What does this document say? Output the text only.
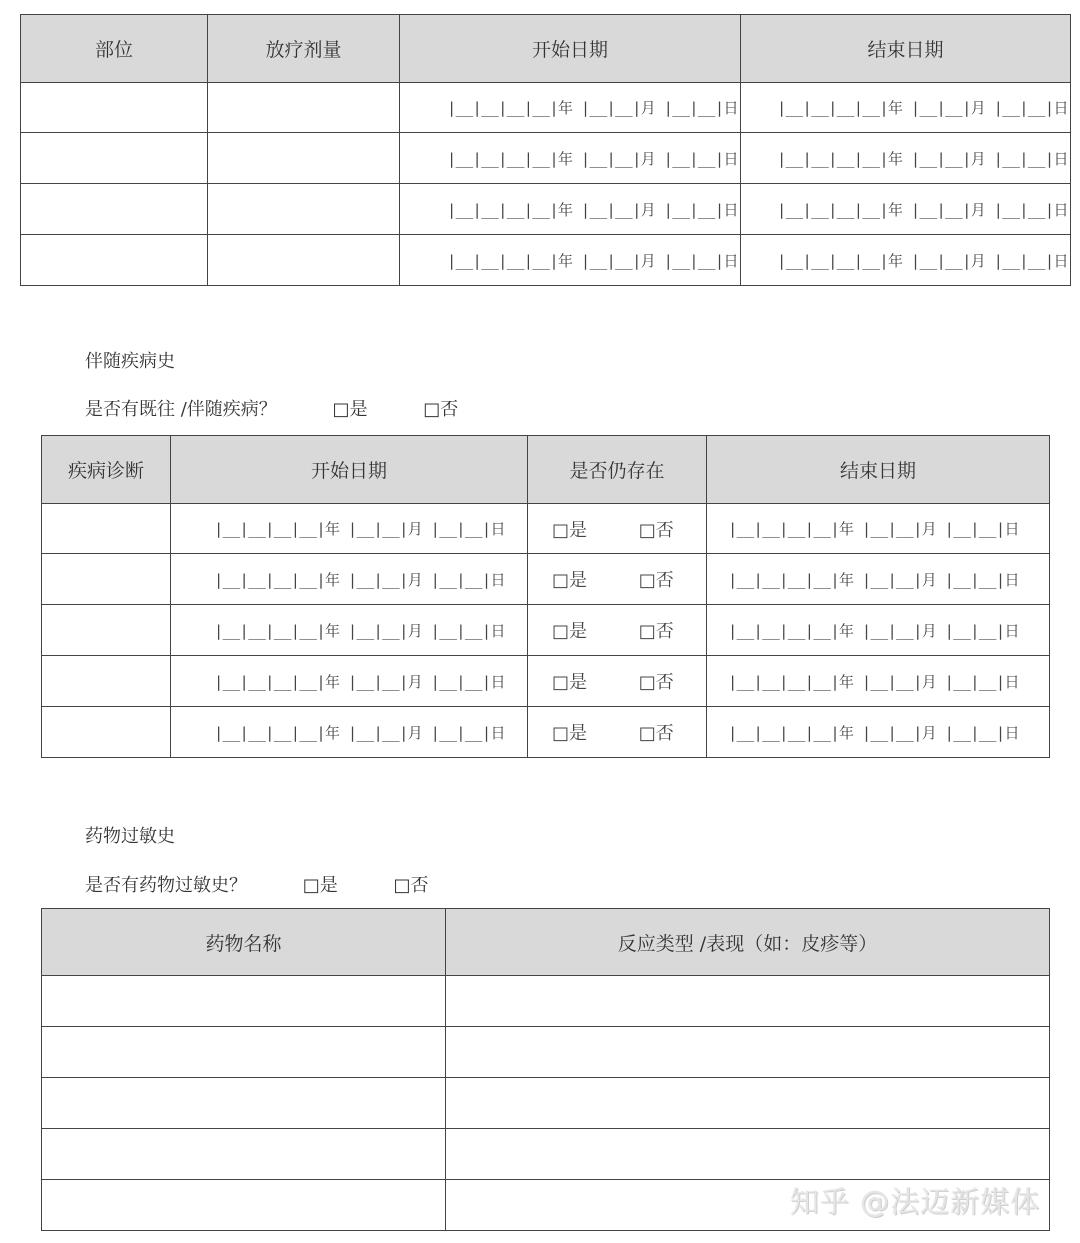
部位	放疗剂量	开始日期	结束日期
		|__|__|__|__|年 |__|__|月 |__|__|日	|__|__|__|__|年 |__|__|月 |__|__|日
		|__|__|__|__|年 |__|__|月 |__|__|日	|__|__|__|__|年 |__|__|月 |__|__|日
		|__|__|__|__|年 |__|__|月 |__|__|日	|__|__|__|__|年 |__|__|月 |__|__|日
		|__|__|__|__|年 |__|__|月 |__|__|日	|__|__|__|__|年 |__|__|月 |__|__|日
伴随疾病史
是否有既往 /伴随疾病？	□是	□否
疾病诊断	开始日期	是否仍存在	结束日期
	|__|__|__|__|年 |__|__|月 |__|__|日	□是 □否	|__|__|__|__|年 |__|__|月 |__|__|日
	|__|__|__|__|年 |__|__|月 |__|__|日	□是 □否	|__|__|__|__|年 |__|__|月 |__|__|日
	|__|__|__|__|年 |__|__|月 |__|__|日	□是 □否	|__|__|__|__|年 |__|__|月 |__|__|日
	|__|__|__|__|年 |__|__|月 |__|__|日	□是 □否	|__|__|__|__|年 |__|__|月 |__|__|日
	|__|__|__|__|年 |__|__|月 |__|__|日	□是 □否	|__|__|__|__|年 |__|__|月 |__|__|日
药物过敏史
是否有药物过敏史？	□是	□否
药物名称	反应类型 /表现（如：皮疹等）

知乎 @法迈新媒体
